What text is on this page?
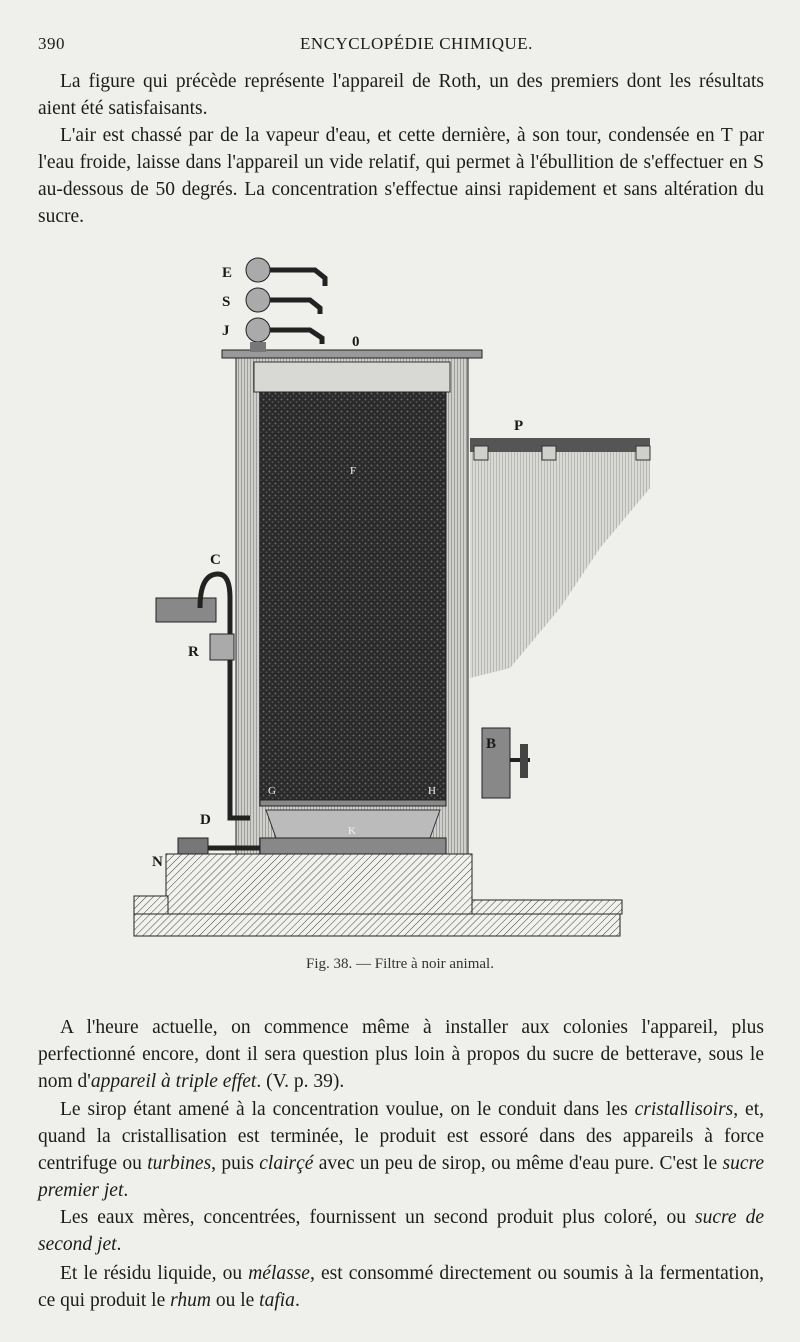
390	ENCYCLOPÉDIE CHIMIQUE.

La figure qui précède représente l'appareil de Roth, un des premiers dont les résultats aient été satisfaisants.

L'air est chassé par de la vapeur d'eau, et cette dernière, à son tour, condensée en T par l'eau froide, laisse dans l'appareil un vide relatif, qui permet à l'ébullition de s'effectuer en S au-dessous de 50 degrés. La concentration s'effectue ainsi rapidement et sans altération du sucre.

E
S
J
0
P
F
C
R
B
D
N
G	H
K
Fig. 38. — Filtre à noir animal.

A l'heure actuelle, on commence même à installer aux colonies l'appareil, plus perfectionné encore, dont il sera question plus loin à propos du sucre de betterave, sous le nom d'appareil à triple effet. (V. p. 39).

Le sirop étant amené à la concentration voulue, on le conduit dans les cristallisoirs, et, quand la cristallisation est terminée, le produit est essoré dans des appareils à force centrifuge ou turbines, puis clairçé avec un peu de sirop, ou même d'eau pure. C'est le sucre premier jet.

Les eaux mères, concentrées, fournissent un second produit plus coloré, ou sucre de second jet.

Et le résidu liquide, ou mélasse, est consommé directement ou soumis à la fermentation, ce qui produit le rhum ou le tafia.
